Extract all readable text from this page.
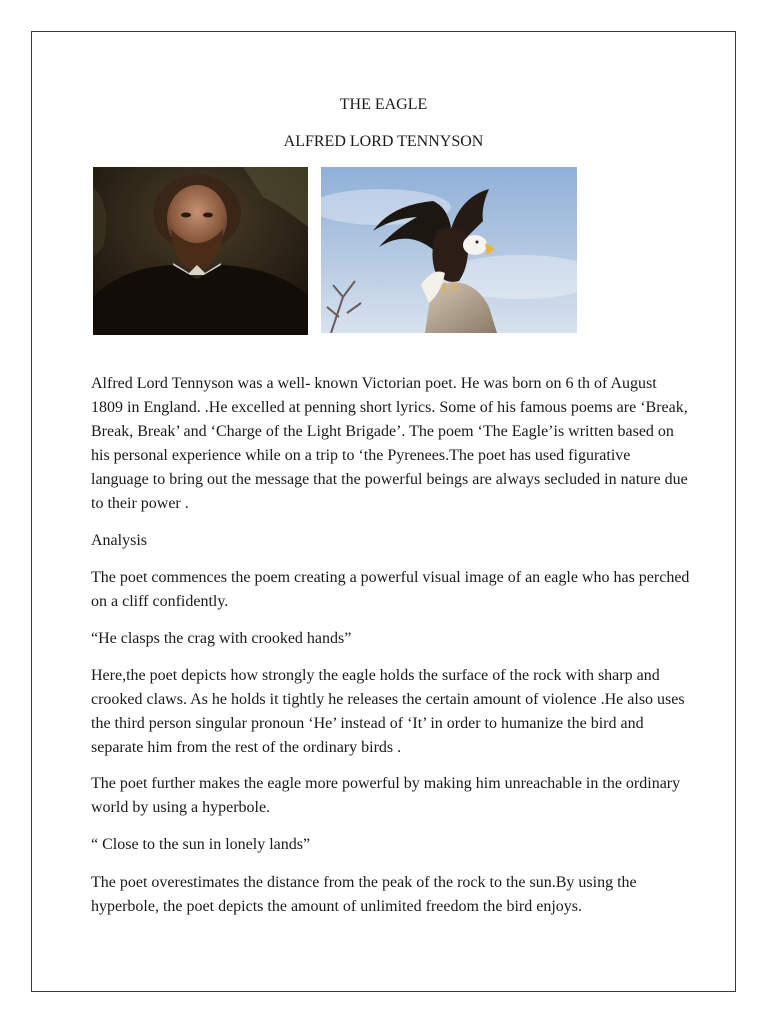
THE EAGLE
ALFRED LORD TENNYSON

Alfred Lord Tennyson was a well- known Victorian poet. He was born on 6 th of August 1809 in England. .He excelled at penning short lyrics. Some of his famous poems are ‘Break, Break, Break’ and ‘Charge of the Light Brigade’. The poem ‘The Eagle’is written based on his personal experience while on a trip to ‘the Pyrenees.The poet has used figurative language to bring out the message that the powerful beings are always secluded in nature due to their power .

Analysis

The poet commences the poem creating a powerful visual image of an eagle who has perched on a cliff confidently.

“He clasps the crag with crooked hands”

Here,the poet depicts how strongly the eagle holds the surface of the rock with sharp and crooked claws. As he holds it tightly he releases the certain amount of violence .He also uses the third person singular pronoun ‘He’ instead of ‘It’ in order to humanize the bird and separate him from the rest of the ordinary birds .

The poet further makes the eagle more powerful by making him unreachable in the ordinary world by using a hyperbole.

“ Close to the sun in lonely lands”

The poet overestimates the distance from the peak of the rock to the sun.By using the hyperbole, the poet depicts the amount of unlimited freedom the bird enjoys.
